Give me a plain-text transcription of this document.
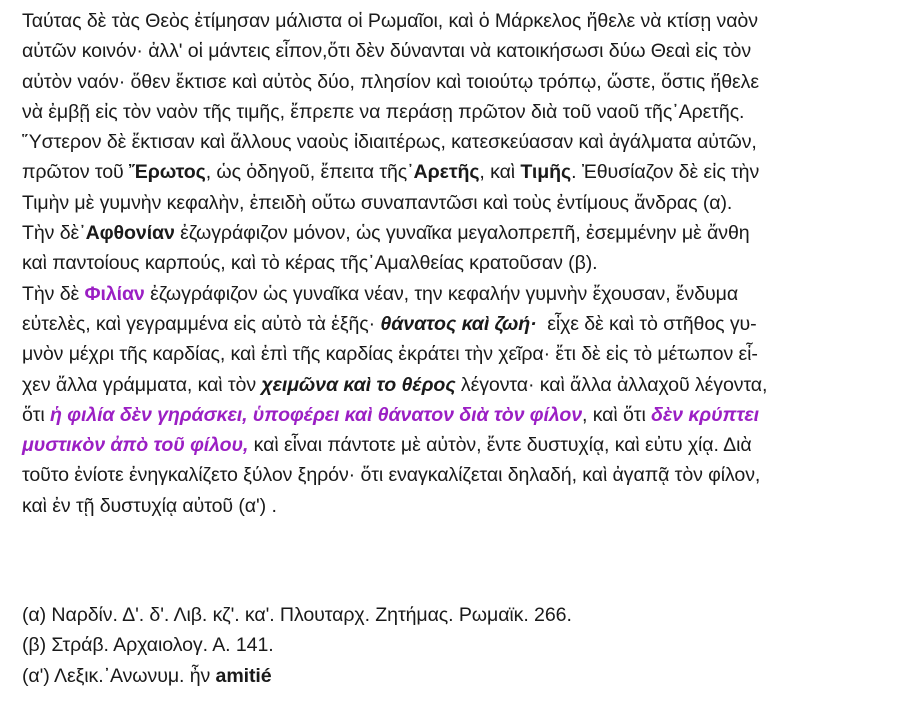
Ταύτας δὲ τὰς Θεὸς ἐτίμησαν μάλιστα οἱ Ρωμαῖοι, καὶ ὁ Μάρκελος ἤθελε νὰ κτίσῃ ναὸν
αὐτῶν κοινόν· ἀλλ' οἱ μάντεις εἶπον,ὅτι δὲν δύνανται νὰ κατοικήσωσι δύω Θεαὶ εἰς τὸν
αὐτὸν ναόν· ὅθεν ἔκτισε καὶ αὐτὸς δύο, πλησίον καὶ τοιούτῳ τρόπῳ, ὥστε, ὅστις ἤθελε
νὰ ἐμβῇ εἰς τὸν ναὸν τῆς τιμῆς, ἔπρεπε να περάσῃ πρῶτον διὰ τοῦ ναοῦ τῆς᾽Αρετῆς.
Ὕστερον δὲ ἔκτισαν καὶ ἄλλους ναοὺς ἰδιαιτέρως, κατεσκεύασαν καὶ ἀγάλματα αὐτῶν,
πρῶτον τοῦ Ἔρωτος, ὡς ὁδηγοῦ, ἔπειτα τῆς᾽Αρετῆς, καὶ Τιμῆς. Ἐθυσίαζον δὲ εἰς τὴν
Τιμὴν μὲ γυμνὴν κεφαλὴν, ἐπειδὴ οὕτω συναπαντῶσι καὶ τοὺς ἐντίμους ἄνδρας (α).
Τὴν δὲ᾽Αφθονίαν ἐζωγράφιζον μόνον, ὡς γυναῖκα μεγαλοπρεπῆ, ἐσεμμένην μὲ ἄνθη
καὶ παντοίους καρπούς, καὶ τὸ κέρας τῆς᾽Αμαλθείας κρατοῦσαν (β).
Τὴν δὲ Φιλίαν ἐζωγράφιζον ὡς γυναῖκα νέαν, την κεφαλήν γυμνὴν ἔχουσαν, ἔνδυμα
εὐτελὲς, καὶ γεγραμμένα εἰς αὐτὸ τὰ ἑξῆς· θάνατος καὶ ζωή·  εἶχε δὲ καὶ τὸ στῆθος γυ-
μνὸν μέχρι τῆς καρδίας, καὶ ἐπὶ τῆς καρδίας ἐκράτει τὴν χεῖρα· ἔτι δὲ εἰς τὸ μέτωπον εἶ-
χεν ἄλλα γράμματα, καὶ τὸν χειμῶνα καὶ το θέρος λέγοντα· καὶ ἄλλα ἀλλαχοῦ λέγοντα,
ὅτι ἡ φιλία δὲν γηράσκει, ὑποφέρει καὶ θάνατον διὰ τὸν φίλον, καὶ ὅτι δὲν κρύπτει
μυστικὸν ἀπὸ τοῦ φίλου, καὶ εἶναι πάντοτε μὲ αὐτὸν, ἔντε δυστυχίᾳ, καὶ εὐτυ χίᾳ. Διὰ
τοῦτο ἐνίοτε ἐνηγκαλίζετο ξύλον ξηρόν· ὅτι εναγκαλίζεται δηλαδή, καὶ ἀγαπᾷ τὸν φίλον,
καὶ ἐν τῇ δυστυχίᾳ αὐτοῦ (α') .
(α) Ναρδίν. Δ'. δ'. Λιβ. κζ'. κα'. Πλουταρχ. Ζητήμας. Ρωμαϊκ. 266.
(β) Στράβ. Αρχαιολογ. Α. 141.
(α') Λεξικ.᾽Ανωνυμ. ἦν amitié
